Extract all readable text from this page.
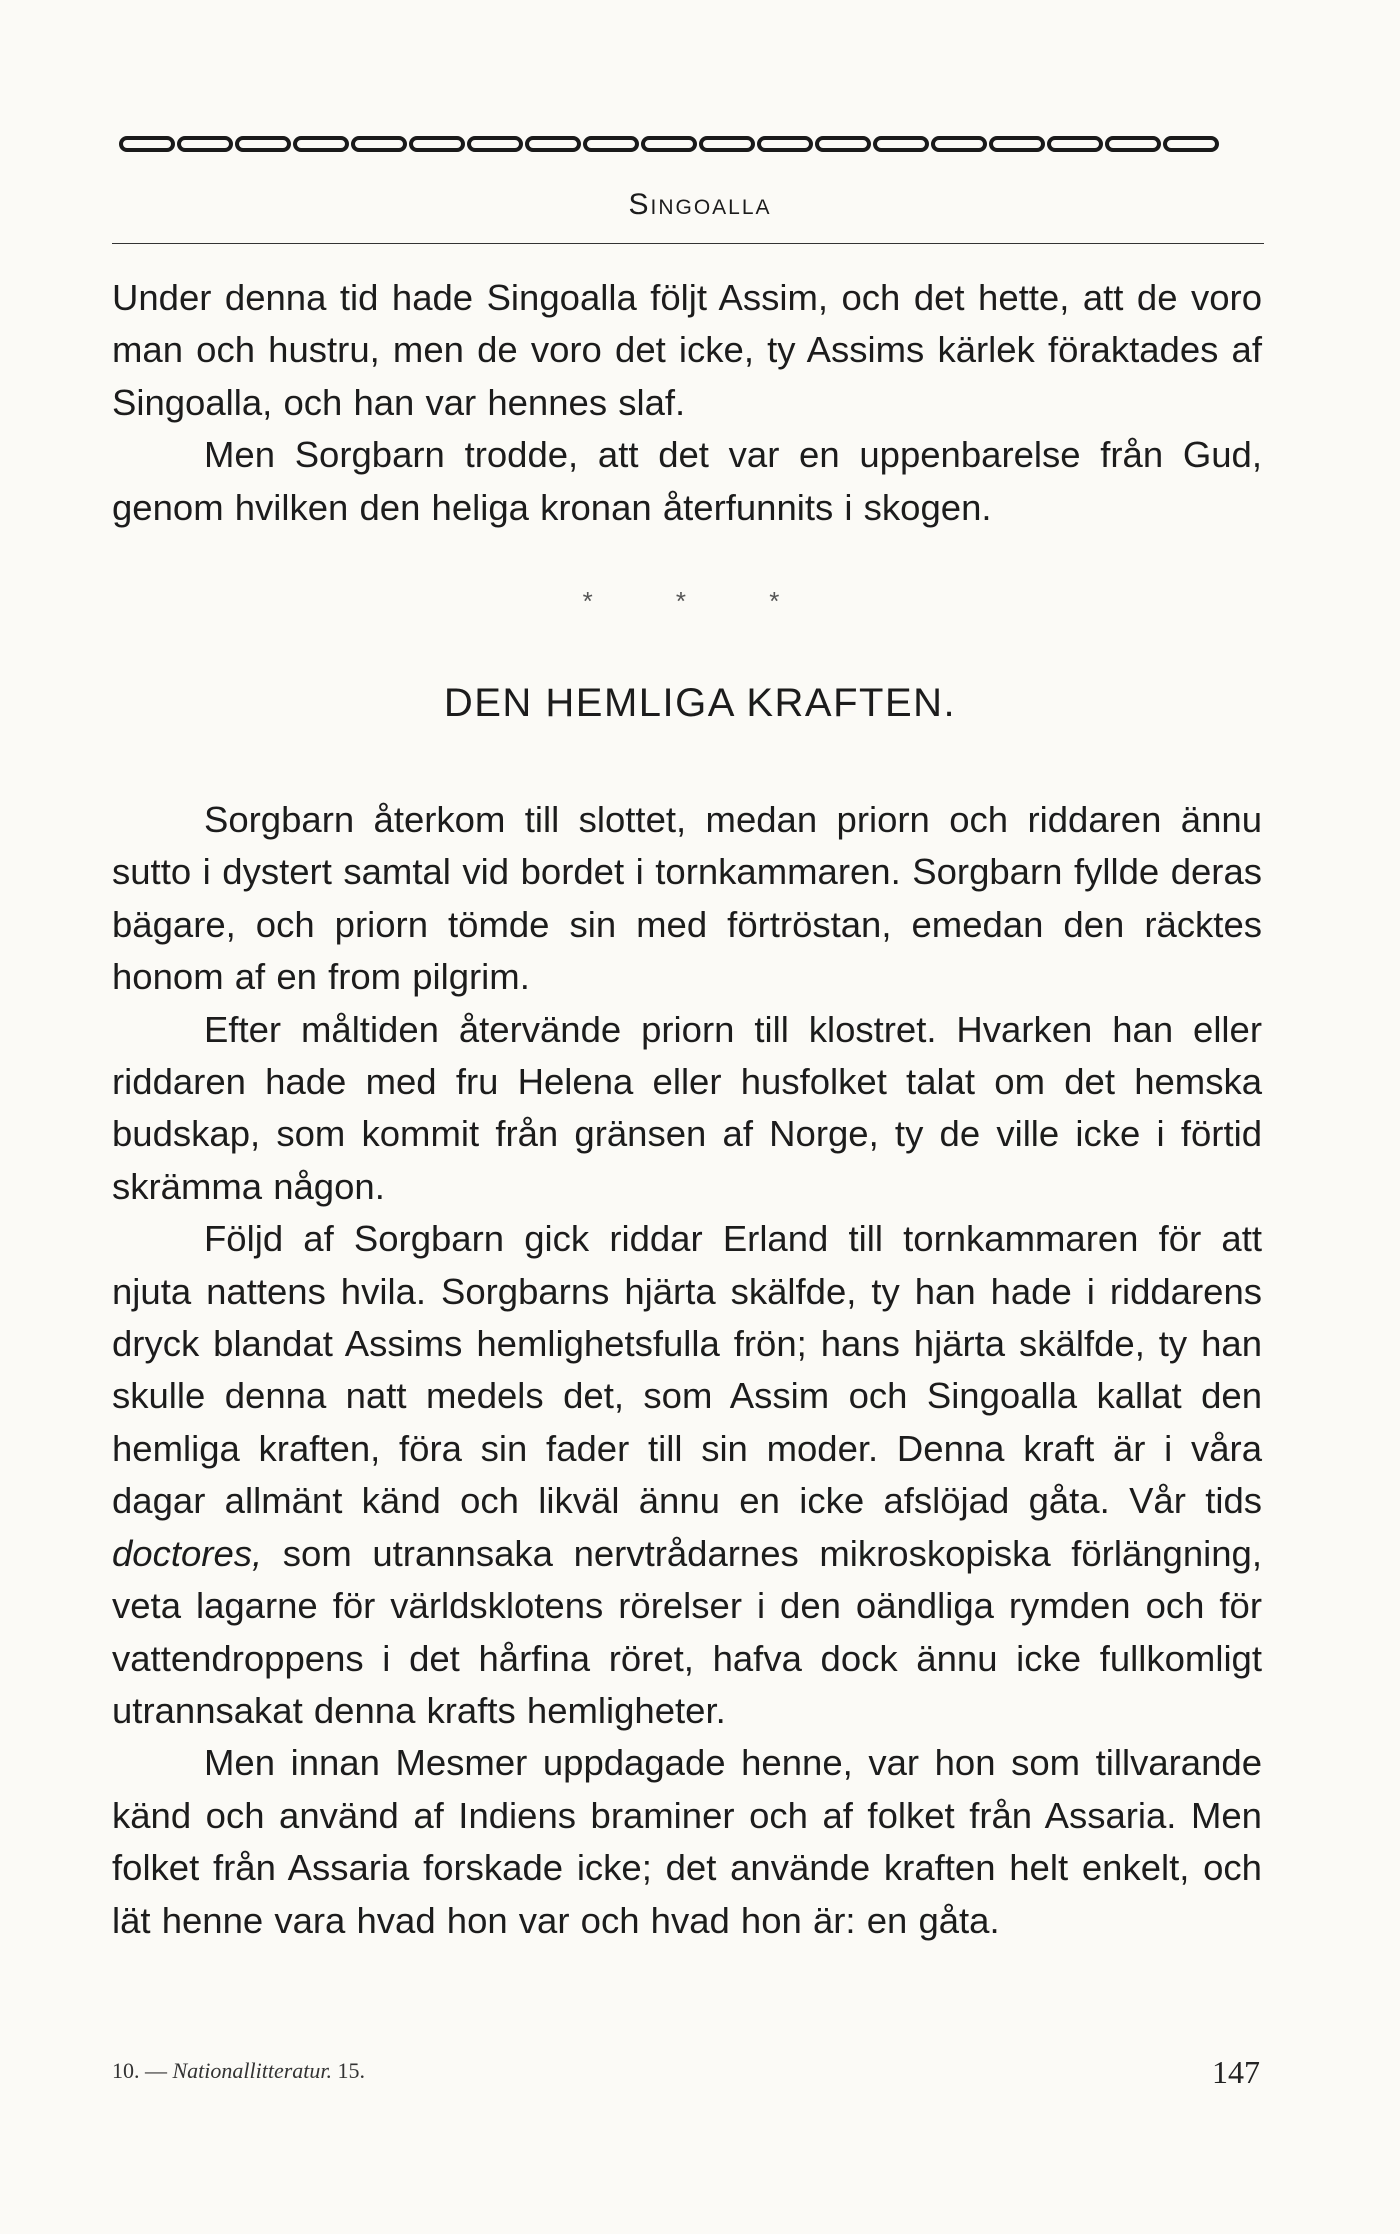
Singoalla

Under denna tid hade Singoalla följt Assim, och det hette, att de voro man och hustru, men de voro det icke, ty Assims kärlek föraktades af Singoalla, och han var hennes slaf.

Men Sorgbarn trodde, att det var en uppenbarelse från Gud, genom hvilken den heliga kronan återfunnits i skogen.

* * *
DEN HEMLIGA KRAFTEN.

Sorgbarn återkom till slottet, medan priorn och riddaren ännu sutto i dystert samtal vid bordet i tornkammaren. Sorgbarn fyllde deras bägare, och priorn tömde sin med förtröstan, emedan den räcktes honom af en from pilgrim.

Efter måltiden återvände priorn till klostret. Hvarken han eller riddaren hade med fru Helena eller husfolket talat om det hemska budskap, som kommit från gränsen af Norge, ty de ville icke i förtid skrämma någon.

Följd af Sorgbarn gick riddar Erland till tornkammaren för att njuta nattens hvila. Sorgbarns hjärta skälfde, ty han hade i riddarens dryck blandat Assims hemlighetsfulla frön; hans hjärta skälfde, ty han skulle denna natt medels det, som Assim och Singoalla kallat den hemliga kraften, föra sin fader till sin moder. Denna kraft är i våra dagar allmänt känd och likväl ännu en icke afslöjad gåta. Vår tids doctores, som utrannsaka nervtrådarnes mikroskopiska förlängning, veta lagarne för världsklotens rörelser i den oändliga rymden och för vattendroppens i det hårfina röret, hafva dock ännu icke fullkomligt utrannsakat denna krafts hemligheter.

Men innan Mesmer uppdagade henne, var hon som tillvarande känd och använd af Indiens braminer och af folket från Assaria. Men folket från Assaria forskade icke; det använde kraften helt enkelt, och lät henne vara hvad hon var och hvad hon är: en gåta.

10. — Nationallitteratur. 15.	147
